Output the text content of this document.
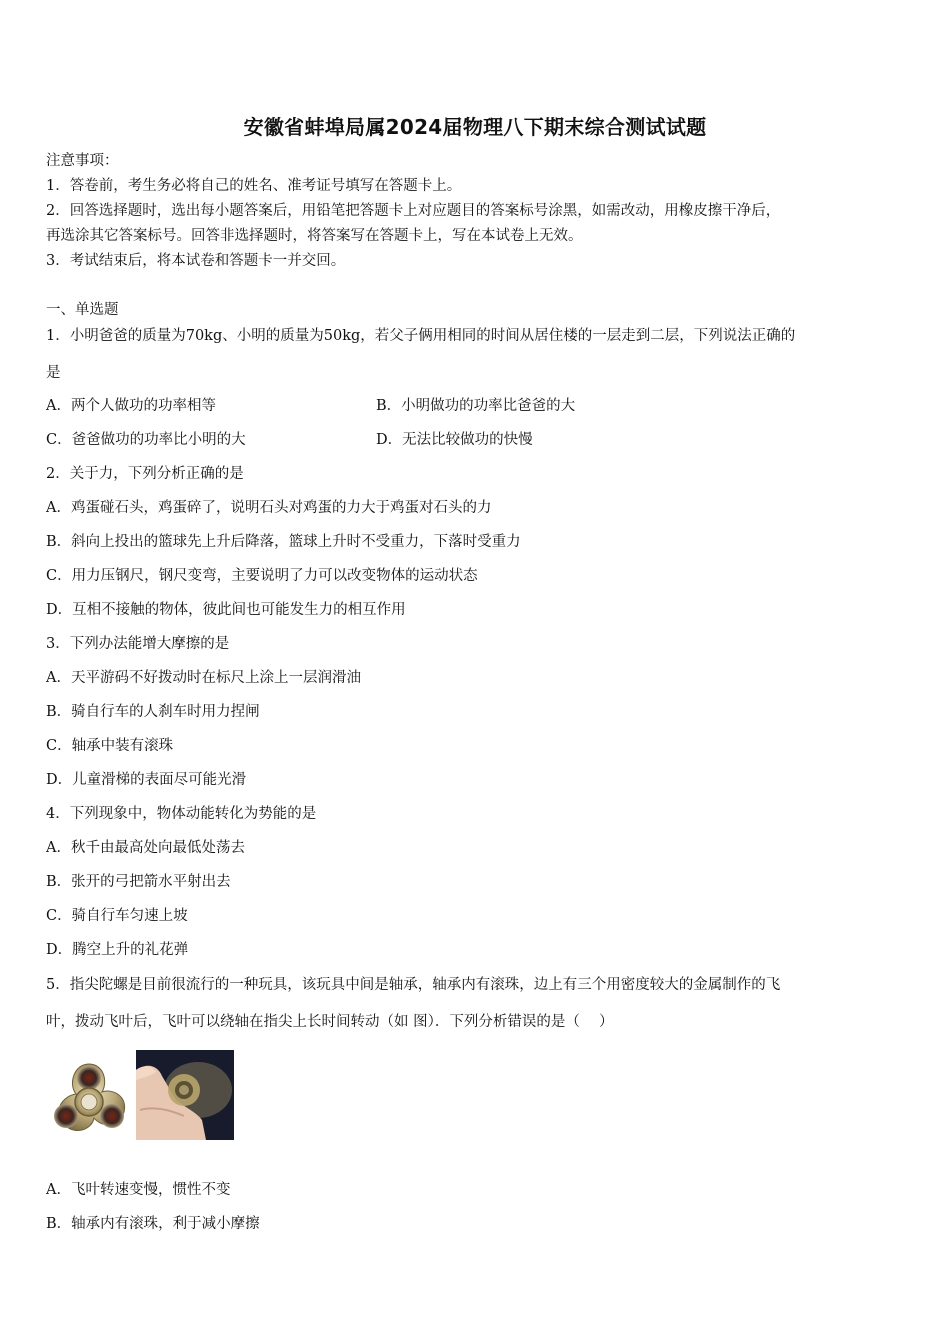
安徽省蚌埠局属2024届物理八下期末综合测试试题
注意事项：
1．答卷前，考生务必将自己的姓名、准考证号填写在答题卡上。
2．回答选择题时，选出每小题答案后，用铅笔把答题卡上对应题目的答案标号涂黑，如需改动，用橡皮擦干净后，
再选涂其它答案标号。回答非选择题时，将答案写在答题卡上，写在本试卷上无效。
3．考试结束后，将本试卷和答题卡一并交回。
一、单选题
1．小明爸爸的质量为70kg、小明的质量为50kg，若父子俩用相同的时间从居住楼的一层走到二层，下列说法正确的
是
A．两个人做功的功率相等	B．小明做功的功率比爸爸的大
C．爸爸做功的功率比小明的大	D．无法比较做功的快慢
2．关于力，下列分析正确的是
A．鸡蛋碰石头，鸡蛋碎了，说明石头对鸡蛋的力大于鸡蛋对石头的力
B．斜向上投出的篮球先上升后降落，篮球上升时不受重力，下落时受重力
C．用力压钢尺，钢尺变弯，主要说明了力可以改变物体的运动状态
D．互相不接触的物体，彼此间也可能发生力的相互作用
3．下列办法能增大摩擦的是
A．天平游码不好拨动时在标尺上涂上一层润滑油
B．骑自行车的人刹车时用力捏闸
C．轴承中装有滚珠
D．儿童滑梯的表面尽可能光滑
4．下列现象中，物体动能转化为势能的是
A．秋千由最高处向最低处荡去
B．张开的弓把箭水平射出去
C．骑自行车匀速上坡
D．腾空上升的礼花弹
5．指尖陀螺是目前很流行的一种玩具，该玩具中间是轴承，轴承内有滚珠，边上有三个用密度较大的金属制作的飞
叶，拨动飞叶后，飞叶可以绕轴在指尖上长时间转动（如 图）．下列分析错误的是（　 ）
A．飞叶转速变慢，惯性不变
B．轴承内有滚珠，利于减小摩擦
